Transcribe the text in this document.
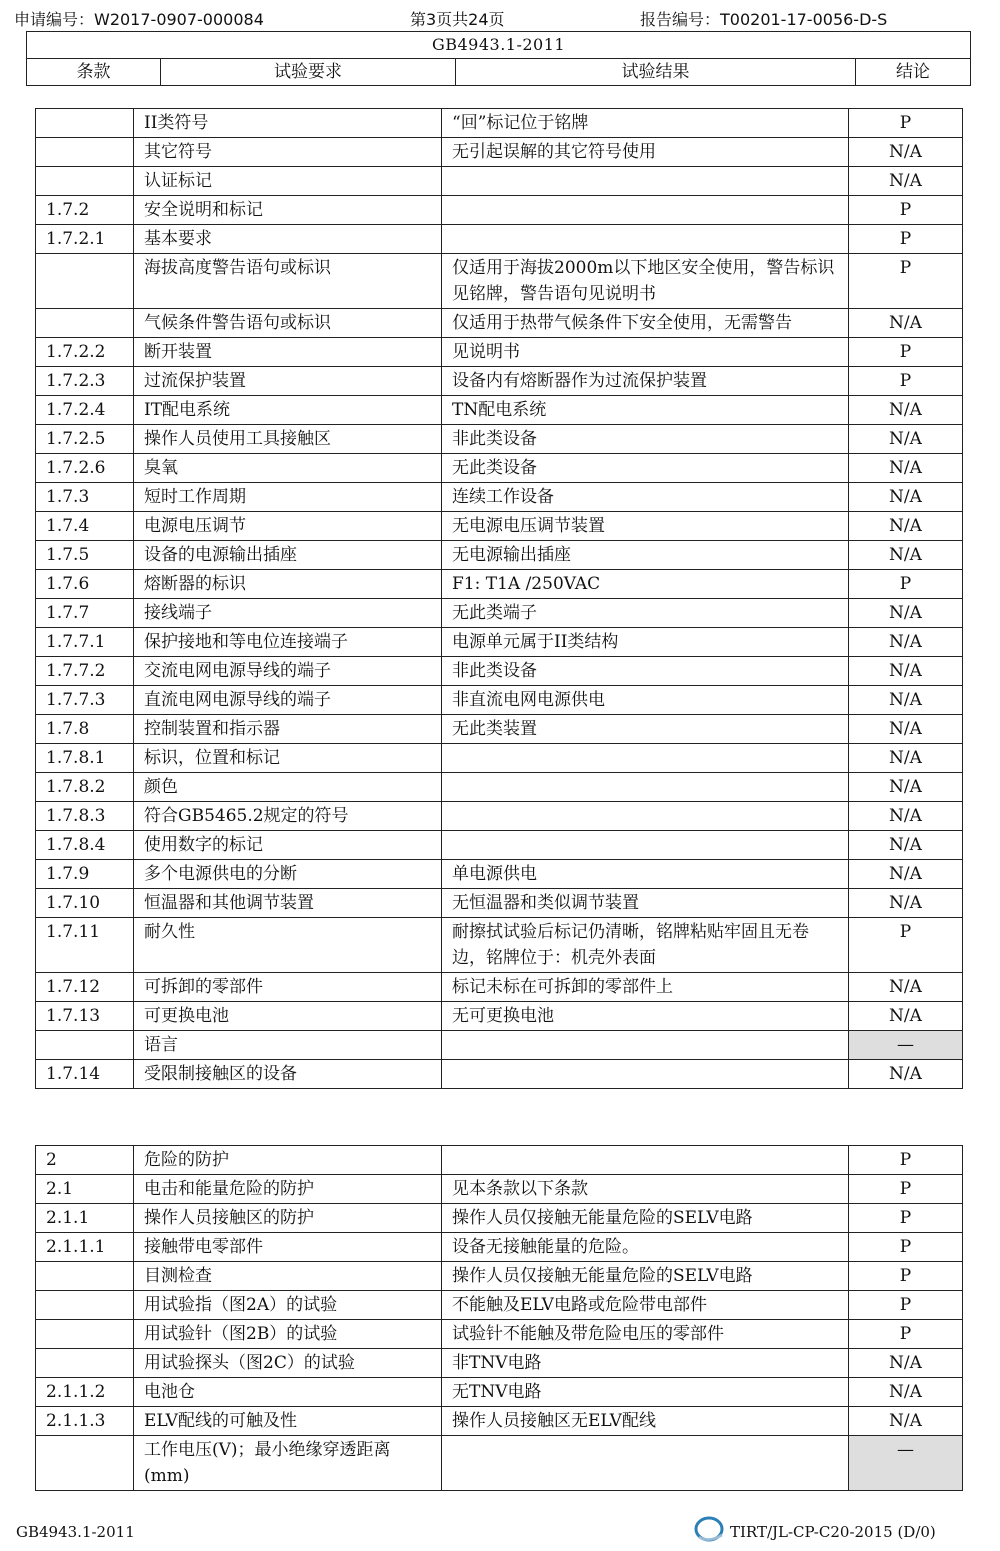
申请编号：W2017-0907-000084	第3页共24页	报告编号：T00201-17-0056-D-S
GB4943.1-2011
条款	试验要求	试验结果	结论
	II类符号	“回”标记位于铭牌	P
	其它符号	无引起误解的其它符号使用	N/A
	认证标记		N/A
1.7.2	安全说明和标记		P
1.7.2.1	基本要求		P
	海拔高度警告语句或标识	仅适用于海拔2000m以下地区安全使用，警告标识见铭牌，警告语句见说明书	P
	气候条件警告语句或标识	仅适用于热带气候条件下安全使用，无需警告	N/A
1.7.2.2	断开装置	见说明书	P
1.7.2.3	过流保护装置	设备内有熔断器作为过流保护装置	P
1.7.2.4	IT配电系统	TN配电系统	N/A
1.7.2.5	操作人员使用工具接触区	非此类设备	N/A
1.7.2.6	臭氧	无此类设备	N/A
1.7.3	短时工作周期	连续工作设备	N/A
1.7.4	电源电压调节	无电源电压调节装置	N/A
1.7.5	设备的电源输出插座	无电源输出插座	N/A
1.7.6	熔断器的标识	F1: T1A /250VAC	P
1.7.7	接线端子	无此类端子	N/A
1.7.7.1	保护接地和等电位连接端子	电源单元属于II类结构	N/A
1.7.7.2	交流电网电源导线的端子	非此类设备	N/A
1.7.7.3	直流电网电源导线的端子	非直流电网电源供电	N/A
1.7.8	控制装置和指示器	无此类装置	N/A
1.7.8.1	标识，位置和标记		N/A
1.7.8.2	颜色		N/A
1.7.8.3	符合GB5465.2规定的符号		N/A
1.7.8.4	使用数字的标记		N/A
1.7.9	多个电源供电的分断	单电源供电	N/A
1.7.10	恒温器和其他调节装置	无恒温器和类似调节装置	N/A
1.7.11	耐久性	耐擦拭试验后标记仍清晰，铭牌粘贴牢固且无卷边，铭牌位于：机壳外表面	P
1.7.12	可拆卸的零部件	标记未标在可拆卸的零部件上	N/A
1.7.13	可更换电池	无可更换电池	N/A
	语言		—
1.7.14	受限制接触区的设备		N/A
2	危险的防护		P
2.1	电击和能量危险的防护	见本条款以下条款	P
2.1.1	操作人员接触区的防护	操作人员仅接触无能量危险的SELV电路	P
2.1.1.1	接触带电零部件	设备无接触能量的危险。	P
	目测检查	操作人员仅接触无能量危险的SELV电路	P
	用试验指（图2A）的试验	不能触及ELV电路或危险带电部件	P
	用试验针（图2B）的试验	试验针不能触及带危险电压的零部件	P
	用试验探头（图2C）的试验	非TNV电路	N/A
2.1.1.2	电池仓	无TNV电路	N/A
2.1.1.3	ELV配线的可触及性	操作人员接触区无ELV配线	N/A
	工作电压(V)；最小绝缘穿透距离(mm)		—
GB4943.1-2011	TIRT/JL-CP-C20-2015 (D/0)
